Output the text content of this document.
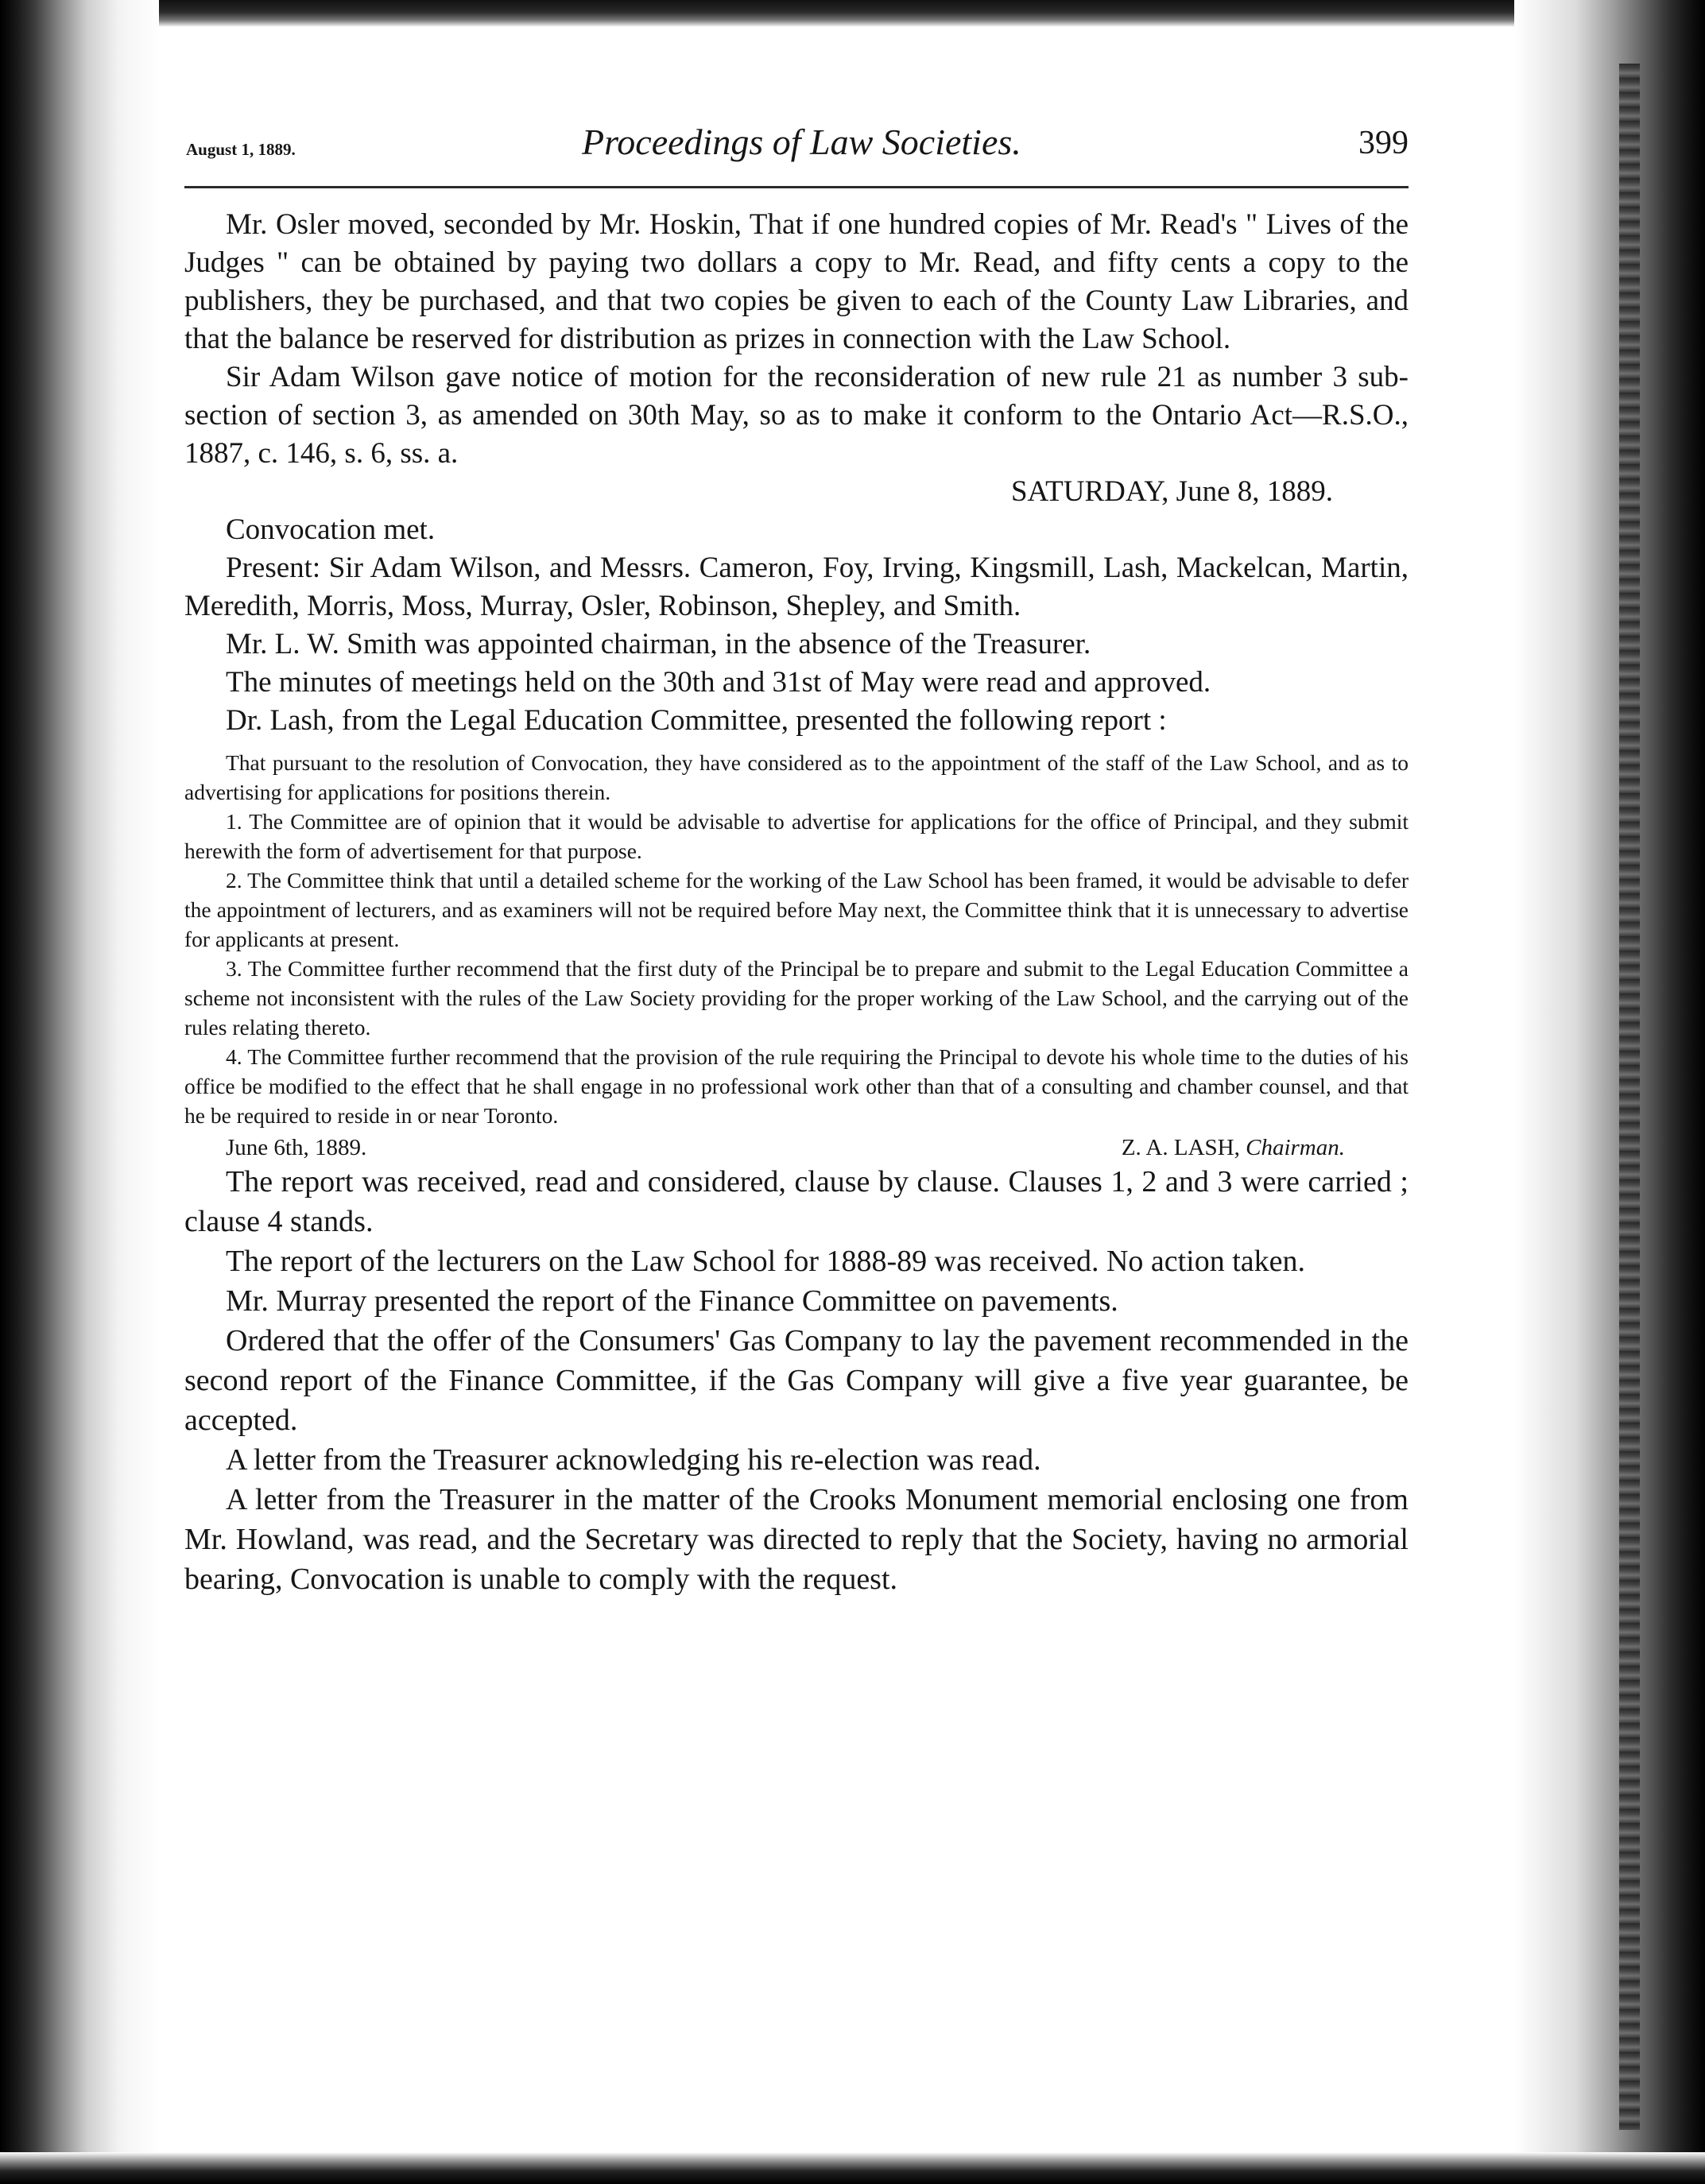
August 1, 1889.	Proceedings of Law Societies.	399

Mr. Osler moved, seconded by Mr. Hoskin, That if one hundred copies of Mr. Read's " Lives of the Judges " can be obtained by paying two dollars a copy to Mr. Read, and fifty cents a copy to the publishers, they be purchased, and that two copies be given to each of the County Law Libraries, and that the balance be reserved for distribution as prizes in connection with the Law School.

Sir Adam Wilson gave notice of motion for the reconsideration of new rule 21 as number 3 sub-section of section 3, as amended on 30th May, so as to make it conform to the Ontario Act—R.S.O., 1887, c. 146, s. 6, ss. a.

SATURDAY, June 8, 1889.

Convocation met.

Present: Sir Adam Wilson, and Messrs. Cameron, Foy, Irving, Kingsmill, Lash, Mackelcan, Martin, Meredith, Morris, Moss, Murray, Osler, Robinson, Shepley, and Smith.

Mr. L. W. Smith was appointed chairman, in the absence of the Treasurer.

The minutes of meetings held on the 30th and 31st of May were read and approved.

Dr. Lash, from the Legal Education Committee, presented the following report :

That pursuant to the resolution of Convocation, they have considered as to the appointment of the staff of the Law School, and as to advertising for applications for positions therein.

1. The Committee are of opinion that it would be advisable to advertise for applications for the office of Principal, and they submit herewith the form of advertisement for that purpose.

2. The Committee think that until a detailed scheme for the working of the Law School has been framed, it would be advisable to defer the appointment of lecturers, and as examiners will not be required before May next, the Committee think that it is unnecessary to advertise for applicants at present.

3. The Committee further recommend that the first duty of the Principal be to prepare and submit to the Legal Education Committee a scheme not inconsistent with the rules of the Law Society providing for the proper working of the Law School, and the carrying out of the rules relating thereto.

4. The Committee further recommend that the provision of the rule requiring the Principal to devote his whole time to the duties of his office be modified to the effect that he shall engage in no professional work other than that of a consulting and chamber counsel, and that he be required to reside in or near Toronto.

June 6th, 1889.	Z. A. LASH, Chairman.

The report was received, read and considered, clause by clause. Clauses 1, 2 and 3 were carried ; clause 4 stands.

The report of the lecturers on the Law School for 1888-89 was received. No action taken.

Mr. Murray presented the report of the Finance Committee on pavements.

Ordered that the offer of the Consumers' Gas Company to lay the pavement recommended in the second report of the Finance Committee, if the Gas Company will give a five year guarantee, be accepted.

A letter from the Treasurer acknowledging his re-election was read.

A letter from the Treasurer in the matter of the Crooks Monument memorial enclosing one from Mr. Howland, was read, and the Secretary was directed to reply that the Society, having no armorial bearing, Convocation is unable to comply with the request.
